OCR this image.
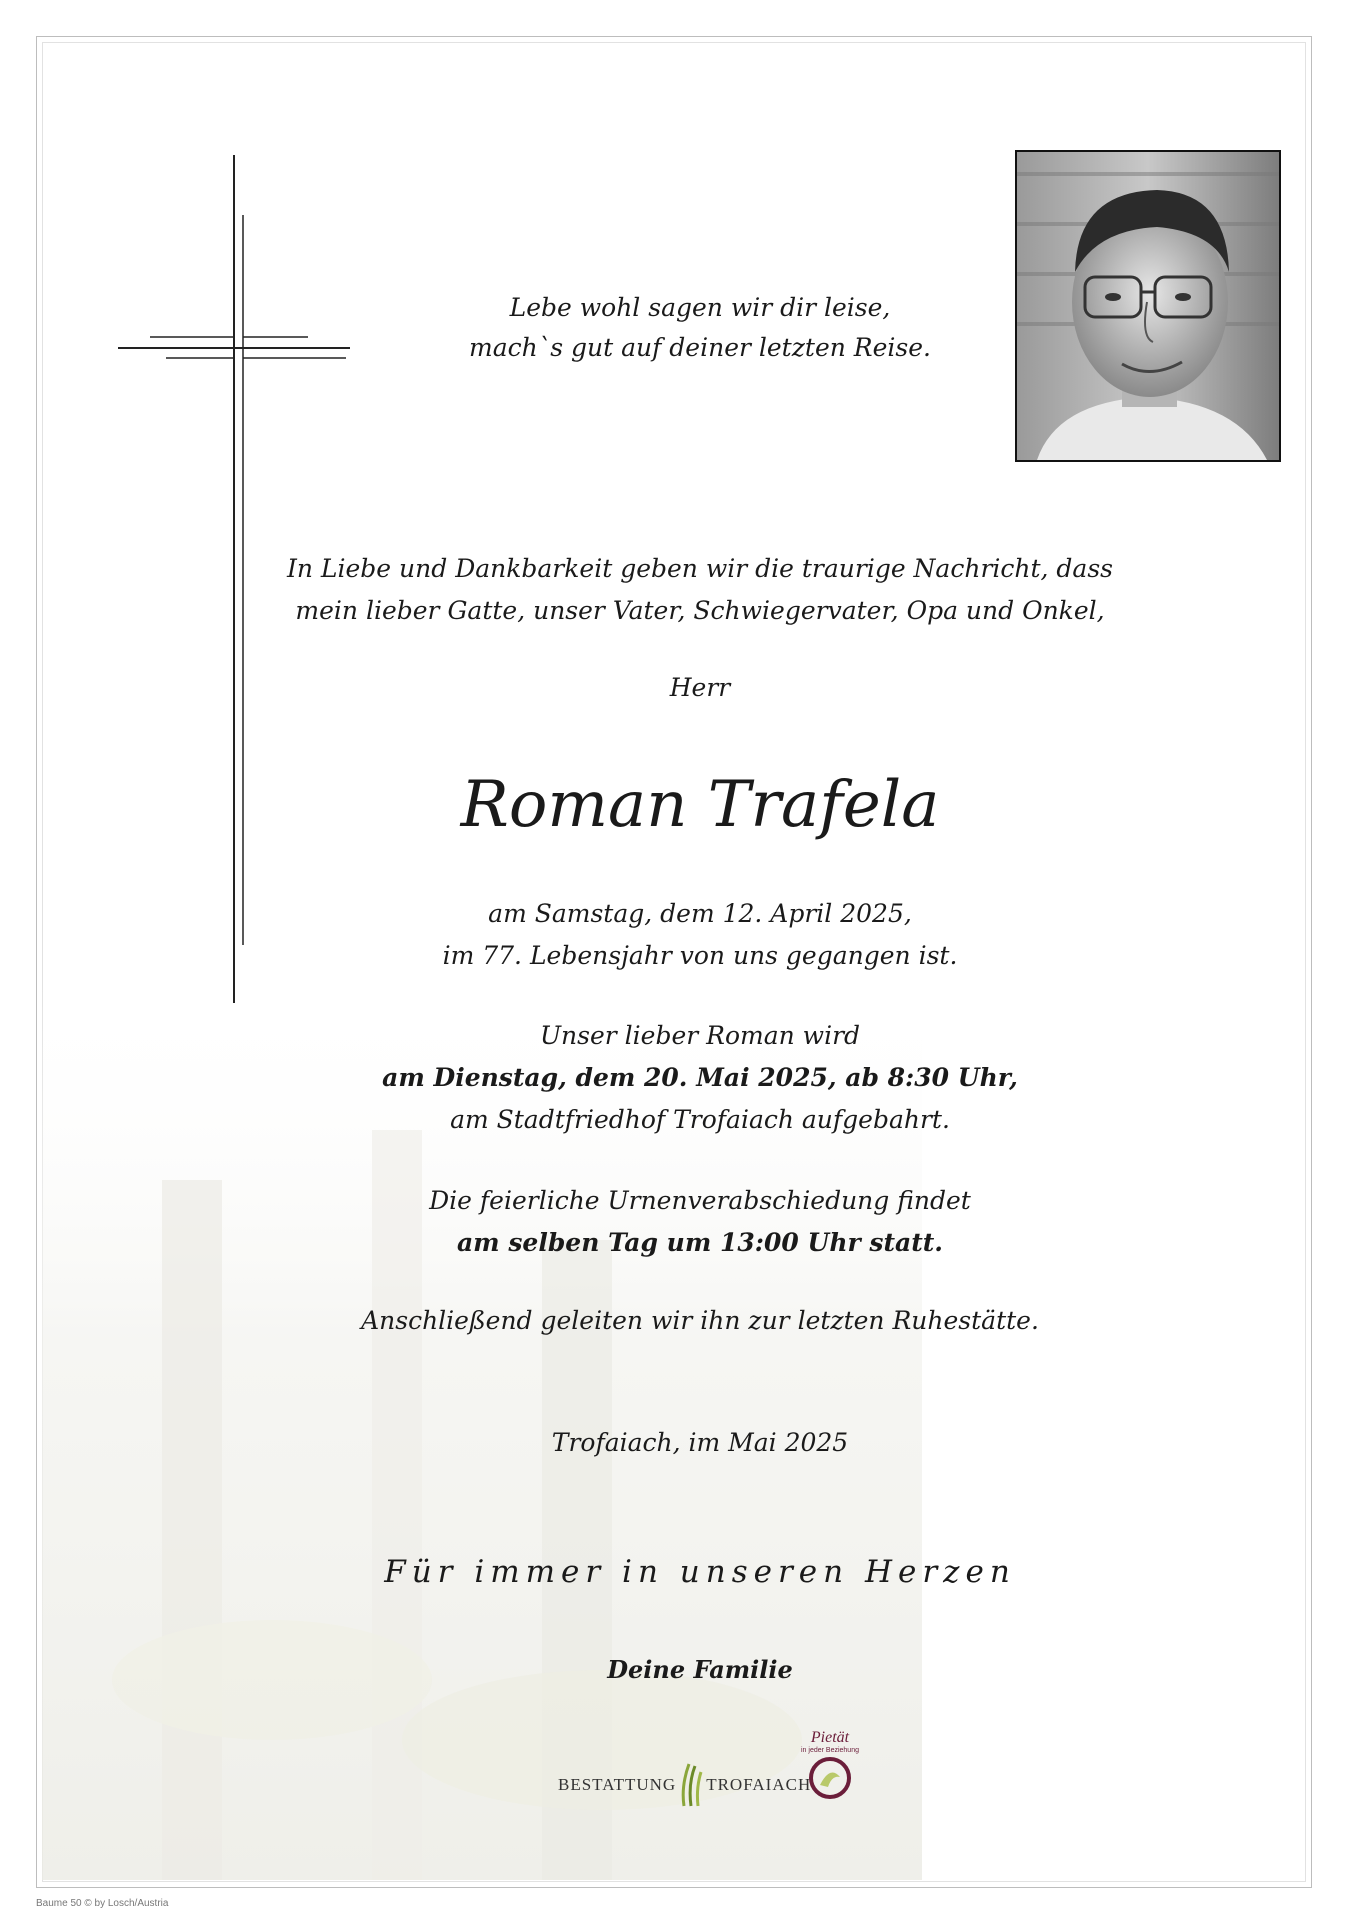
Lebe wohl sagen wir dir leise,
mach`s gut auf deiner letzten Reise.

In Liebe und Dankbarkeit geben wir die traurige Nachricht, dass
mein lieber Gatte, unser Vater, Schwiegervater, Opa und Onkel,

Herr

Roman Trafela

am Samstag, dem 12. April 2025,
im 77. Lebensjahr von uns gegangen ist.

Unser lieber Roman wird
am Dienstag, dem 20. Mai 2025, ab 8:30 Uhr,
am Stadtfriedhof Trofaiach aufgebahrt.

Die feierliche Urnenverabschiedung findet
am selben Tag um 13:00 Uhr statt.

Anschließend geleiten wir ihn zur letzten Ruhestätte.

Trofaiach, im Mai 2025

Für immer in unseren Herzen

Deine Familie

BESTATTUNG TROFAIACH
Pietät
in jeder Beziehung
Baume 50 © by Losch/Austria
